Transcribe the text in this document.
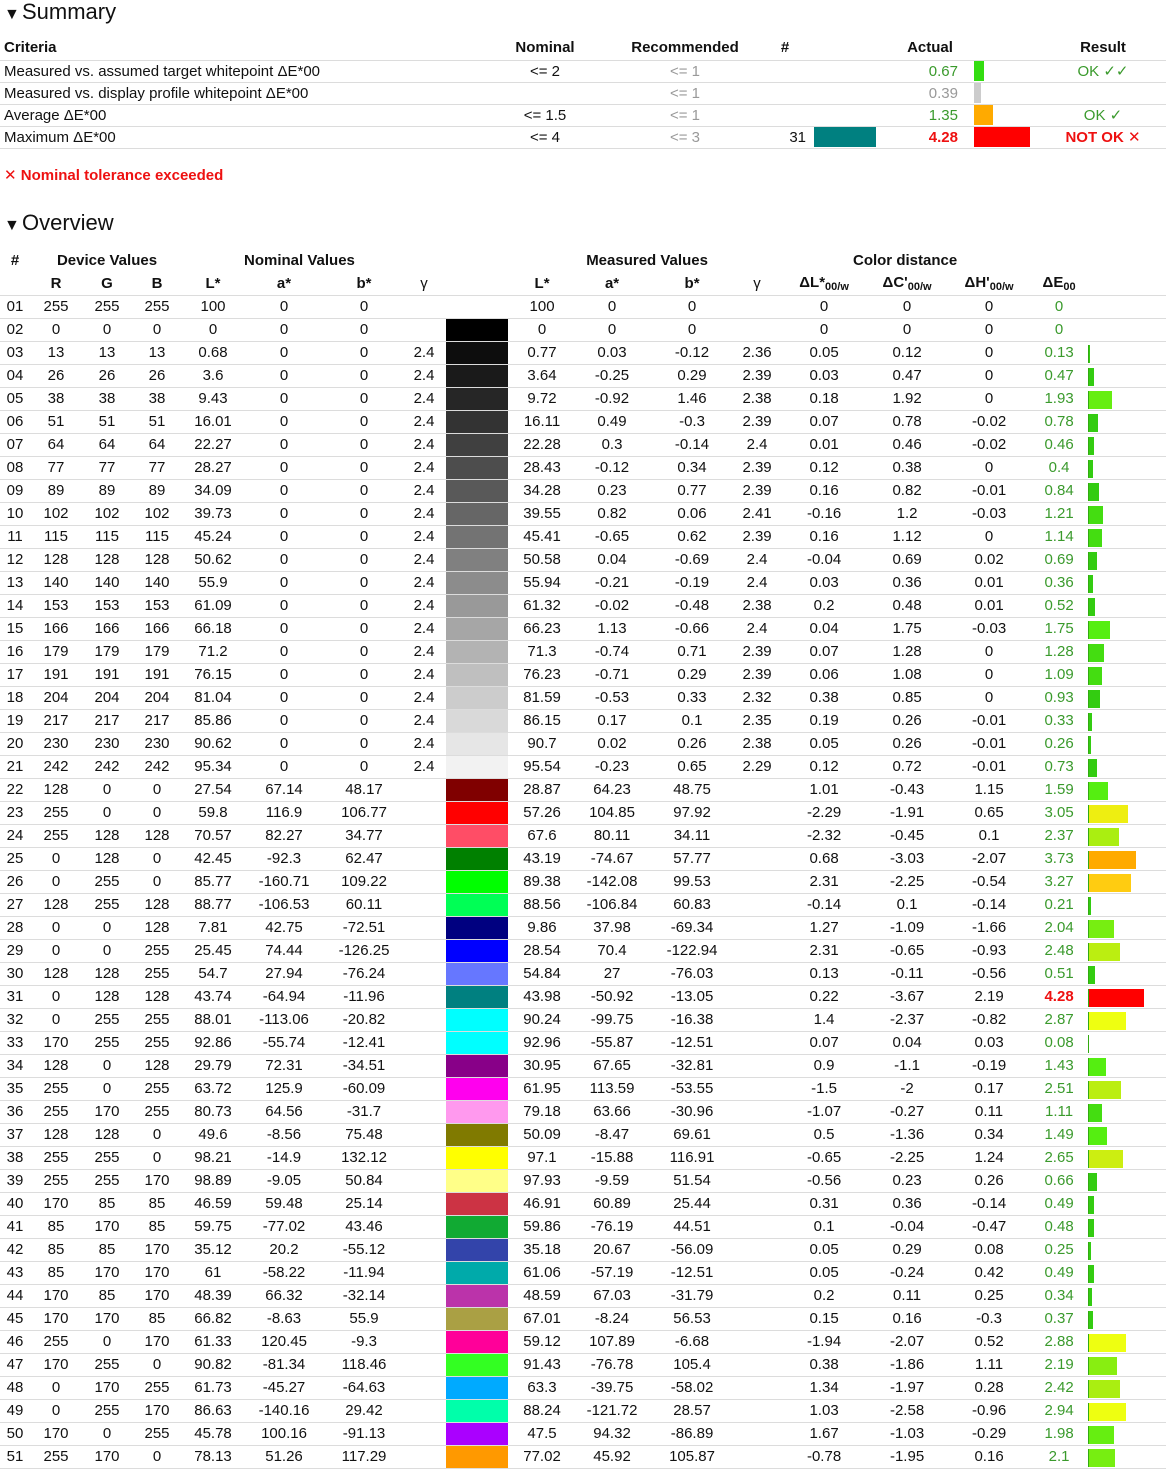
▼Summary
Criteria	Nominal	Recommended	#		Actual		Result
Measured vs. assumed target whitepoint ΔE*00	<= 2	<= 1			0.67		OK ✓✓
Measured vs. display profile whitepoint ΔE*00		<= 1			0.39		
Average ΔE*00	<= 1.5	<= 1			1.35		OK ✓
Maximum ΔE*00	<= 4	<= 3	31		4.28		NOT OK ✕
✕ Nominal tolerance exceeded
▼Overview
#	Device Values				Nominal Values				Measured Values				Color distance				
	R	G	B	L*	a*	b*	γ		L*	a*	b*	γ	$\Delta L*_{00/w}$	$\Delta C'_{00/w}$	$\Delta H'_{00/w}$	$\Delta E_{00}$	
01	255	255	255	100	0	0			100	0	0		0	0	0	0	

02	0	0	0	0	0	0			0	0	0		0	0	0	0	

03	13	13	13	0.68	0	0	2.4		0.77	0.03	-0.12	2.36	0.05	0.12	0	0.13	

04	26	26	26	3.6	0	0	2.4		3.64	-0.25	0.29	2.39	0.03	0.47	0	0.47	

05	38	38	38	9.43	0	0	2.4		9.72	-0.92	1.46	2.38	0.18	1.92	0	1.93	

06	51	51	51	16.01	0	0	2.4		16.11	0.49	-0.3	2.39	0.07	0.78	-0.02	0.78	

07	64	64	64	22.27	0	0	2.4		22.28	0.3	-0.14	2.4	0.01	0.46	-0.02	0.46	

08	77	77	77	28.27	0	0	2.4		28.43	-0.12	0.34	2.39	0.12	0.38	0	0.4	

09	89	89	89	34.09	0	0	2.4		34.28	0.23	0.77	2.39	0.16	0.82	-0.01	0.84	

10	102	102	102	39.73	0	0	2.4		39.55	0.82	0.06	2.41	-0.16	1.2	-0.03	1.21	

11	115	115	115	45.24	0	0	2.4		45.41	-0.65	0.62	2.39	0.16	1.12	0	1.14	

12	128	128	128	50.62	0	0	2.4		50.58	0.04	-0.69	2.4	-0.04	0.69	0.02	0.69	

13	140	140	140	55.9	0	0	2.4		55.94	-0.21	-0.19	2.4	0.03	0.36	0.01	0.36	

14	153	153	153	61.09	0	0	2.4		61.32	-0.02	-0.48	2.38	0.2	0.48	0.01	0.52	

15	166	166	166	66.18	0	0	2.4		66.23	1.13	-0.66	2.4	0.04	1.75	-0.03	1.75	

16	179	179	179	71.2	0	0	2.4		71.3	-0.74	0.71	2.39	0.07	1.28	0	1.28	

17	191	191	191	76.15	0	0	2.4		76.23	-0.71	0.29	2.39	0.06	1.08	0	1.09	

18	204	204	204	81.04	0	0	2.4		81.59	-0.53	0.33	2.32	0.38	0.85	0	0.93	

19	217	217	217	85.86	0	0	2.4		86.15	0.17	0.1	2.35	0.19	0.26	-0.01	0.33	

20	230	230	230	90.62	0	0	2.4		90.7	0.02	0.26	2.38	0.05	0.26	-0.01	0.26	

21	242	242	242	95.34	0	0	2.4		95.54	-0.23	0.65	2.29	0.12	0.72	-0.01	0.73	

22	128	0	0	27.54	67.14	48.17			28.87	64.23	48.75		1.01	-0.43	1.15	1.59	

23	255	0	0	59.8	116.9	106.77			57.26	104.85	97.92		-2.29	-1.91	0.65	3.05	

24	255	128	128	70.57	82.27	34.77			67.6	80.11	34.11		-2.32	-0.45	0.1	2.37	

25	0	128	0	42.45	-92.3	62.47			43.19	-74.67	57.77		0.68	-3.03	-2.07	3.73	

26	0	255	0	85.77	-160.71	109.22			89.38	-142.08	99.53		2.31	-2.25	-0.54	3.27	

27	128	255	128	88.77	-106.53	60.11			88.56	-106.84	60.83		-0.14	0.1	-0.14	0.21	

28	0	0	128	7.81	42.75	-72.51			9.86	37.98	-69.34		1.27	-1.09	-1.66	2.04	

29	0	0	255	25.45	74.44	-126.25			28.54	70.4	-122.94		2.31	-0.65	-0.93	2.48	

30	128	128	255	54.7	27.94	-76.24			54.84	27	-76.03		0.13	-0.11	-0.56	0.51	

31	0	128	128	43.74	-64.94	-11.96			43.98	-50.92	-13.05		0.22	-3.67	2.19	4.28	

32	0	255	255	88.01	-113.06	-20.82			90.24	-99.75	-16.38		1.4	-2.37	-0.82	2.87	

33	170	255	255	92.86	-55.74	-12.41			92.96	-55.87	-12.51		0.07	0.04	0.03	0.08	

34	128	0	128	29.79	72.31	-34.51			30.95	67.65	-32.81		0.9	-1.1	-0.19	1.43	

35	255	0	255	63.72	125.9	-60.09			61.95	113.59	-53.55		-1.5	-2	0.17	2.51	

36	255	170	255	80.73	64.56	-31.7			79.18	63.66	-30.96		-1.07	-0.27	0.11	1.11	

37	128	128	0	49.6	-8.56	75.48			50.09	-8.47	69.61		0.5	-1.36	0.34	1.49	

38	255	255	0	98.21	-14.9	132.12			97.1	-15.88	116.91		-0.65	-2.25	1.24	2.65	

39	255	255	170	98.89	-9.05	50.84			97.93	-9.59	51.54		-0.56	0.23	0.26	0.66	

40	170	85	85	46.59	59.48	25.14			46.91	60.89	25.44		0.31	0.36	-0.14	0.49	

41	85	170	85	59.75	-77.02	43.46			59.86	-76.19	44.51		0.1	-0.04	-0.47	0.48	

42	85	85	170	35.12	20.2	-55.12			35.18	20.67	-56.09		0.05	0.29	0.08	0.25	

43	85	170	170	61	-58.22	-11.94			61.06	-57.19	-12.51		0.05	-0.24	0.42	0.49	

44	170	85	170	48.39	66.32	-32.14			48.59	67.03	-31.79		0.2	0.11	0.25	0.34	

45	170	170	85	66.82	-8.63	55.9			67.01	-8.24	56.53		0.15	0.16	-0.3	0.37	

46	255	0	170	61.33	120.45	-9.3			59.12	107.89	-6.68		-1.94	-2.07	0.52	2.88	

47	170	255	0	90.82	-81.34	118.46			91.43	-76.78	105.4		0.38	-1.86	1.11	2.19	

48	0	170	255	61.73	-45.27	-64.63			63.3	-39.75	-58.02		1.34	-1.97	0.28	2.42	

49	0	255	170	86.63	-140.16	29.42			88.24	-121.72	28.57		1.03	-2.58	-0.96	2.94	

50	170	0	255	45.78	100.16	-91.13			47.5	94.32	-86.89		1.67	-1.03	-0.29	1.98	

51	255	170	0	78.13	51.26	117.29			77.02	45.92	105.87		-0.78	-1.95	0.16	2.1	
